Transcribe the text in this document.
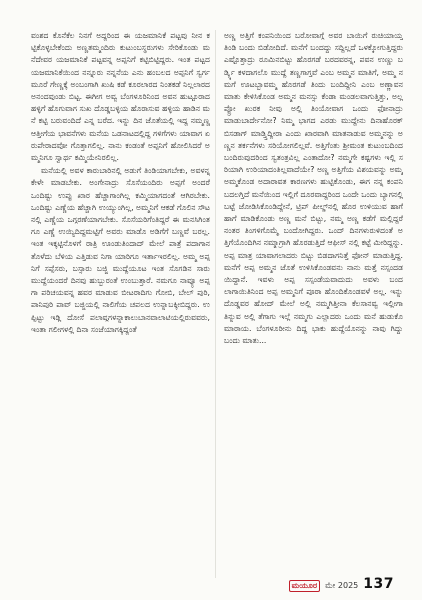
ವಂಶದ ಕೊನೆಕೆಲ ನಿನಗೆ ಅದ್ದರಿಂದ ಈ ಯಜಮಾನಿಕೆ ಪಟ್ಟವು ನೀನ ಕಟ್ಟಿಕೊಳ್ಳಬೇಕೆಂದು ಅಣ್ಣತಮ್ಮಂದಿರು ಕುಟುಂಬಸ್ಥರುಗಳು ಸೇರಿಕೊಂಡು ಮನೆದೇವರ ಯಜಮಾನಿಕೆ ಪಟ್ಟವನ್ನ ಅಪ್ಪನಿಗೆ ಕಟ್ಟಿಬಿಟ್ಟಿದ್ದರು. ಇಂತ ಪಟ್ಟದ ಯಜಮಾನಿಕೆಯಿಂದ ನನ್ನೂರು ನನ್ನನೆಯ ಎನು ಹಂಬಲದ ಅಪ್ಪನಿಗೆ ಸ್ವರ್ಗ ಮೂರೆ ಗೇಣ್ಣಕ್ಕೆ ಅಂಬಂಗಾಗಿ ಖುಷಿ ಕಡೆ ಕೂರಲಾರದ ನಿಂತಕಡೆ ನಿಲ್ಲಲಾರದ ಅನಂದವುಂಡು ಬಿಟ್ಟ. ಈಗೀಗ ಅವ್ವ ಬೆಂಗಳೂರಿನಿಂದ ಅವನ ಹುಟ್ಟೂರಾದ ಹಳ್ಳಿಗೆ ಹೊಗುವಾಗ ಸುಖ ದೊಡ್ಡಬಳ್ಳಿಯ ಹೊರಾಸುವ ಹಳ್ಳಿಯ ಹಾಡಿನ ಮನೆ ಕಟ್ಟಿ ಬರುವಂದಿದೆ ಎನ್ನ ಬರೆದ. ಇನ್ನು ದಿನ ಜೊತೆಯಲ್ಲಿ ಇದ್ದ ನಮ್ಮಣ್ಣ ಆತ್ತೀಗೆಯ ಭಾವನೆಗಳು ಮನೆಯ ಒಡನಾಟದಲ್ಲಿದ್ದ ಗಳಿಗೆಗಳು ಯಾವಾಗ ಏರುಪೇರಾದವೋ ಗೊತ್ತಾಗಲಿಲ್ಲ. ನಾನು ಕಂಡಂತೆ ಅಪ್ಪನಿಗೆ ಹೋಲಿಸಿದರೆ ಅಮ್ಮನಿಗೂ ಸ್ವಾರ್ಥ ಕಮ್ಮಿಯೇನಿರಲಿಲ್ಲ.

ಮನೆಯಲ್ಲಿ ಅವಳ ಕಾರುಬಾರಿನಲ್ಲಿ ಅಡುಗೆ ತಿಂಡಿಯಾಗಬೇಕು, ಅವಳನ್ನ ಕೇಳೇ ಮಾಡಬೇಕು. ಅಂಗೇನಾದ್ರು ಸೊಸೆಯಂದಿರು ಅಪ್ಪಗೆ ಅಂದರೆ ಒಂದಿಷ್ಟು ಉಪ್ಪು ಖಾರ ಹೆಚ್ಚಾಗಾಂಗಿಲ್ಲ ಕಮ್ಮಿಯಾಗದಂತೆ ಆಗಿರಬೇಕು. ಒಂದಿಷ್ಟು ಎಣ್ಣೆಯ ಹೆಚ್ಚಾಗಿ ಉಯ್ಯುಂಗಿಲ್ಲ, ಅಮ್ಮನಿಗೆ ಆಕಡೆ ಗೊಲಿನ ಸೌಟನಲ್ಲಿ ಎಣ್ಣೆಯ ಒಗ್ಗರಣೆಯಾಗಬೇಕು. ಸೊಸೆಯರಿಗೆಂತಿದ್ದರೆ ಈ ಮನಸಿಗಿಂತಗೂ ಎಣ್ಣೆ ಉಯ್ಯಿದಿದ್ದಮಟ್ಟಿಗೆ ಅವರು ಮಾಡೊ ಅಡಿಗೆಗೆ ಬಣ್ಣವೆ ಬರಲ್ಲ. ಇಂತ ಇಕ್ಕಟ್ಟಿನೊಳಗೆ ರಾತ್ರಿ ಊಂಡುತಿಂದಾದ್ ಮೇಲೆ ಪಾತ್ರೆ ಪದಾಗಾನ ತೊಳೆದು ಬೆಳಿಯ ಎತ್ತಿಡುವ ನಿಗಾ ಯಾರಿಗೂ ಇರ್ತಾಇರಲಿಲ್ಲ. ಅಮ್ಮ ಅಪ್ಪನಿಗೆ ಸಪ್ಪೆಸರು, ಬಸ್ಸಾರು ಬಜ್ಜಿ ಮುದ್ದೆಯೂಟ ಇಂತ ಸೊಗಡಿನ ಸಾರು ಮುದ್ದೆಯಂದರೆ ದಿನವು ಹುಬ್ಬುರಂತೆ ಉಂಬುತ್ತಾರೆ. ನಮಗೂ ನಾವ್ಯೂ ಅಪ್ಪಗಾ ಪರಿಚಯವನ್ನ ಹವರ ಮಾಡುವ ಬೀಟರಾದಿಗು ಗೋಬಿ, ಬೇಲ್ ಪುರಿ, ಪಾನಿಪುರಿ ಪಾವ್ ಬಜ್ಜಿಯಲ್ಲಿ ನಾಲಿಗೆಯ ಚಪಲದ ಉನ್ನಾಬಕ್ಕೀಬಿದ್ದರು. ಉಪ್ಪಿಟ್ಟು ಇಡ್ಲಿ ದೋಸೆ ಪಲಾವ್ಗಗಳನ್ನಾಕಾಲುಬಾನವಾಲಾಟಿಯಲ್ಲಿರುವವರು, ಇಂತಾ ಗಲೀಗಳಲ್ಲಿ ದಿನಾ ಸಂಜೆಯಾಗಕ್ಕಿದ್ದಂತೆ

ಅಣ್ಣ ಅತ್ತಿಗೆ ಕಂಪನಿಯಿಂದ ಬರೋವಾಗ್ಗೆ ಅವರ ಬಾಯಿಗೆ ರುಚಿಯಾಯ್ತ ತಿಂಡಿ ಬಂದು ಬಿಡೋದಿದೆ. ಮನೆಗೆ ಬಂದದ್ದು ಸದ್ದಿಲ್ಲದೆ ಒಳಕ್ಕೋಗುತ್ತಿದ್ದರು ಎಷ್ಟೊತ್ತಾದ್ರು ರೂಮಿನಬಿಟ್ಟು ಹೊರಗಡೆ ಬರದವರನ್ನ, ಪವನ ಉಣ್ಣು ಬರ್ಡ್ಕ್ಕಿ ಕಳದಾಗಲೊ ಮುದ್ದೆ ತಣ್ಣಗಾಗ್ತವೆ ಎಂಬ ಅಮ್ಮನ ಮಾತಿಗೆ, ಅಮ್ಮ ನಮಗೆ ಊಟಬ್ಬಾವಮ್ಮ ಹೊರಗಡೆ ತಿಂದು ಬಂದಿದ್ದೀನಿ ಎಂಬ ಅಣ್ಣಾವನ ಮಾತು ಕೇಳಿಸಿಕೊಂಡ ಅಮ್ಮನ ಮನಸ್ಸು ಕೆಂಡಾ ಮಂಡಲವಾಗುತ್ತಿತ್ತು, ಅಲ್ಲಪ್ಪ್ರೋ ಖುರಕ ನೀವು ಅಲ್ಲಿ ತಿಂಯೋವಾಗ ಒಂದು ಫೋನಾದ್ರು ಮಾಡುಬಾರ್ದೇನೋ? ನಿಮ್ಮ ಭಾಗದ ಎರಡು ಮುದ್ದೇನು ದಿನಾಹೊರಕ್ ಬಿಸಡಾಗ್ ಮಾಡ್ತ್ತಿದ್ದೀರಾ ಎಂದು ಖಾರವಾಗಿ ಮಾತನಾಡುವ ಅಮ್ಮನನ್ನು ಅಣ್ಣನ ತರ್ಕನೆಗಳು ಸರಿಯೋಗಲಿಲ್ಲವೆ. ಅತ್ತಿಗೆಂತು ಶ್ರೀಮಂತ ಕುಟುಂಬದಿಂದ ಬಂದಿರುವುದರಿಂದ ಸ್ವತಂತ್ರವಿಲ್ಲ ಎಂತಾದೋ? ನಮ್ಮಗೇ ಕಷ್ಟಗಳು ಇಲ್ಲಿ ಸರಿಯಾಗಿ ಉರಿಯಾದಂತಿಲ್ಲವಾದೆಯೇ? ಅಣ್ಣ ಅತ್ತಿಗೆಯ ವಿಶಯವನ್ನು ಅಮ್ಮ ಅಮ್ಮಕೊಂಡ ಅದಾರಾವತ ಕಾರಣಗಳು ಹುಟ್ಟಿಕೊಂಡು, ಈಗ ನನ್ನ ಕಂಪನಿ ಬದಲಗ್ತಿದೆ ಮನೆಯಿಂದ ಇಲ್ಲಿಗೆ ದೂರವಾದ್ದರಿಂದ ಒಂದೇ ಒಂದು ಬ್ಯಾಗನಲ್ಲಿ ಬಟ್ಟೆ ಜೋಡಿಸಿಕೊಂಡಿದ್ದೇನೆ, ಟ್ರಿಪ್ ಪೀಲ್ಡ್‌ನಲ್ಲಿ ಹೊರ ಉಳಿಯುವ ಹಾಗೆ ಹಾಗೆ ಮಾಡಿಕೊಂಡು ಅಣ್ಣ ಮನೆ ಬಿಟ್ಟು, ನಮ್ಮ ಅಣ್ಣ ಕಡೆಗೆ ಮಲ್ಲಿದ್ದರೆ ನಂತರ ತಿಂಗಳಿಗೊಮ್ಮೆ ಬಂದೋಗಿದ್ದರು. ಒಂದ್ ದಿನಗಳುರುಳಿದಂತೆ ಅತ್ತಿಗೆಯೊಂದಿಗಿನ ನಮ್ಮಾಗ್ರಾಗಿ ಹೊರಡುತ್ತಿದೆ ಆಫೀಸ್ ನಲ್ಲಿ ಕಟ್ಟೆ ಮೀರಿದ್ದನ್ನು. ಅಪ್ಪ ಮಾತ್ರ ಯಾವಾಗಲಾದರು ಬಿಟ್ಟು ಬಿಡದಾಗನಿತ್ತೆ ಫೋನ್ ಮಾಡುತ್ತಿದ್ದ. ಮನೆಗೆ ಅಪ್ಪ ಅಮ್ಮನ ಜೊತೆ ಉಳಿಸಿಕೊಂಡವನು ನಾನು ಮತ್ತೆ ನಸ್ಸಂದಡಯಿದ್ದಾನೆ. ಇವಳು ಅಪ್ಪ ಸಸ್ಸಂಡೆಯವಾದುದು ಅವಳು ಬಂದ ಲಾಗಾಯಿತಿನಿಂದ ಅಪ್ಪ ಅಮ್ಮನಿಗೆ ಪೂರಾ ಹೊಂದಿಕೊಂಡವಳೆ ಅಲ್ಲ. ಇನ್ನು ದೊಡ್ಡವರ ಹೋದ್ ಮೇಲೆ ಅಲ್ಲಿ ನಮ್ಮಗಿತ್ತೀನಾ ಕೆಲಸಾನವ್ವ ಇಲ್ಲೀಗಾ ತಿನ್ನುವ ಅಲ್ಲಿ ತೆಗಾಗು ಇಲ್ಲೆ ನಮ್ಮಗು ಎಲ್ಲಾದರು ಒಂದು ಮನೆ ಹುಡುಕೊ ಮಾರಾಯ. ಬೆಂಗಳೂರೀನು ದಿದ್ದ ಭಾಕು ಹುದ್ದೆಯೊನನ್ನು ನಾವು ಗಿದ್ದು ಬಂದು ಮಾತು...

ಮಯೂರ	ಮೇ 2025 137
